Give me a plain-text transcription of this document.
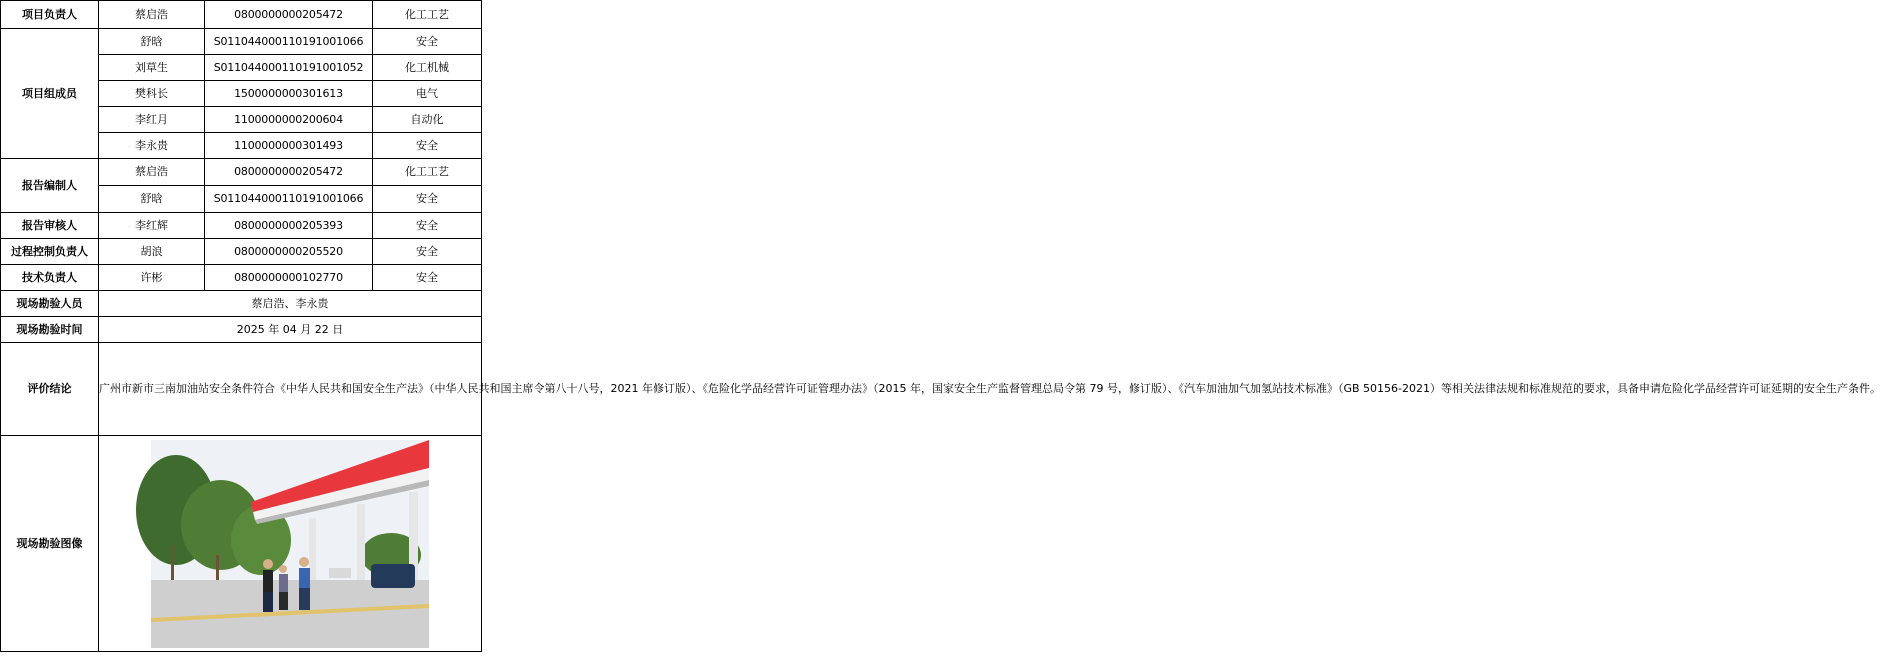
项目负责人	蔡启浩	0800000000205472	化工工艺
项目组成员	舒晗	S011044000110191001066	安全
	刘草生	S011044000110191001052	化工机械
	樊科长	1500000000301613	电气
	李红月	1100000000200604	自动化
	李永贵	1100000000301493	安全
报告编制人	蔡启浩	0800000000205472	化工工艺
	舒晗	S011044000110191001066	安全
报告审核人	李红辉	0800000000205393	安全
过程控制负责人	胡浪	0800000000205520	安全
技术负责人	许彬	0800000000102770	安全
现场勘验人员	蔡启浩、李永贵		
现场勘验时间	2025 年 04 月 22 日		
评价结论	广州市新市三南加油站安全条件符合《中华人民共和国安全生产法》（中华人民共和国主席令第八十八号，2021 年修订版）、《危险化学品经营许可证管理办法》（2015 年，国家安全生产监督管理总局令第 79 号，修订版）、《汽车加油加气加氢站技术标准》（GB 50156-2021）等相关法律法规和标准规范的要求，具备申请危险化学品经营许可证延期的安全生产条件。		
现场勘验图像	
